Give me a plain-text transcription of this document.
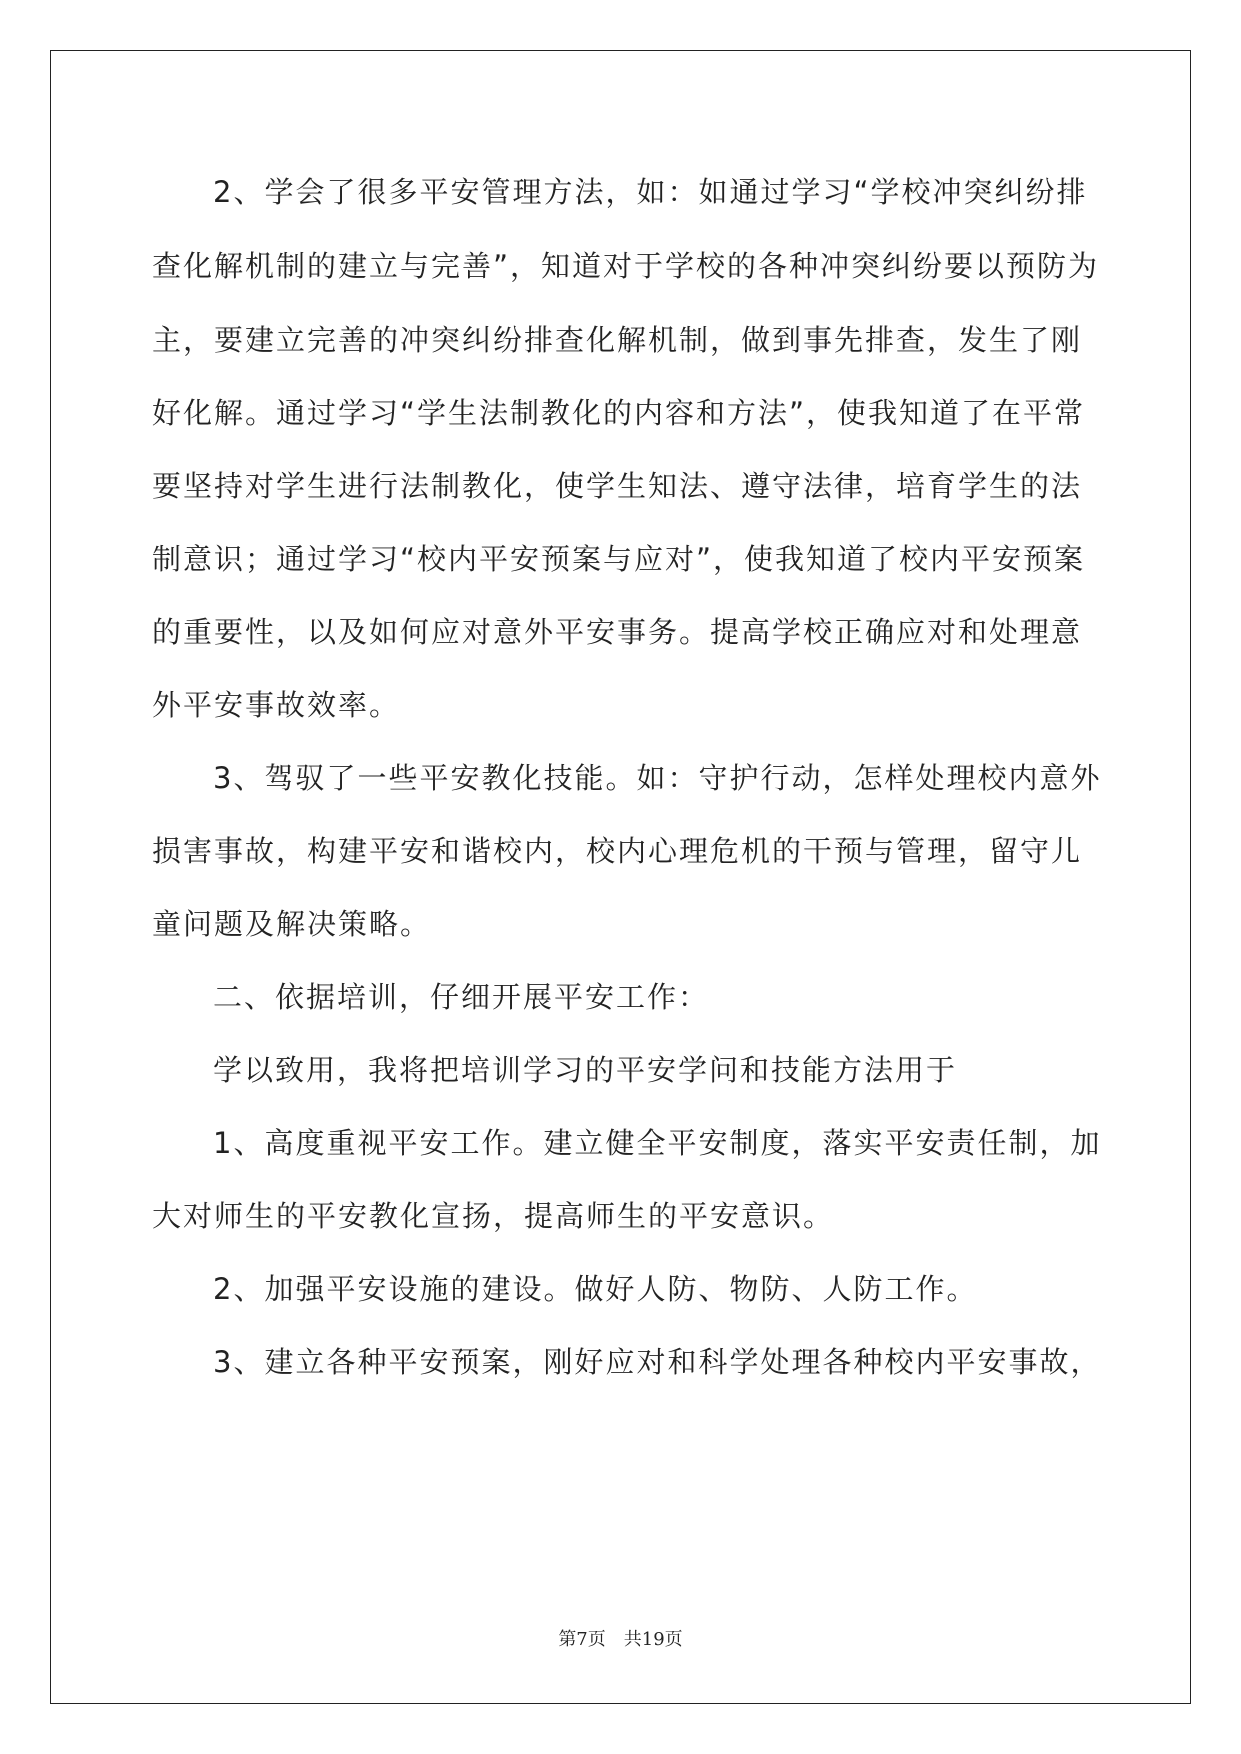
2、学会了很多平安管理方法，如：如通过学习“学校冲突纠纷排
查化解机制的建立与完善”，知道对于学校的各种冲突纠纷要以预防为
主，要建立完善的冲突纠纷排查化解机制，做到事先排查，发生了刚
好化解。通过学习“学生法制教化的内容和方法”，使我知道了在平常
要坚持对学生进行法制教化，使学生知法、遵守法律，培育学生的法
制意识；通过学习“校内平安预案与应对”，使我知道了校内平安预案
的重要性，以及如何应对意外平安事务。提高学校正确应对和处理意
外平安事故效率。
3、驾驭了一些平安教化技能。如：守护行动，怎样处理校内意外
损害事故，构建平安和谐校内，校内心理危机的干预与管理，留守儿
童问题及解决策略。
二、依据培训，仔细开展平安工作：
学以致用，我将把培训学习的平安学问和技能方法用于
1、高度重视平安工作。建立健全平安制度，落实平安责任制，加
大对师生的平安教化宣扬，提高师生的平安意识。
2、加强平安设施的建设。做好人防、物防、人防工作。
3、建立各种平安预案，刚好应对和科学处理各种校内平安事故，
第7页 共19页
